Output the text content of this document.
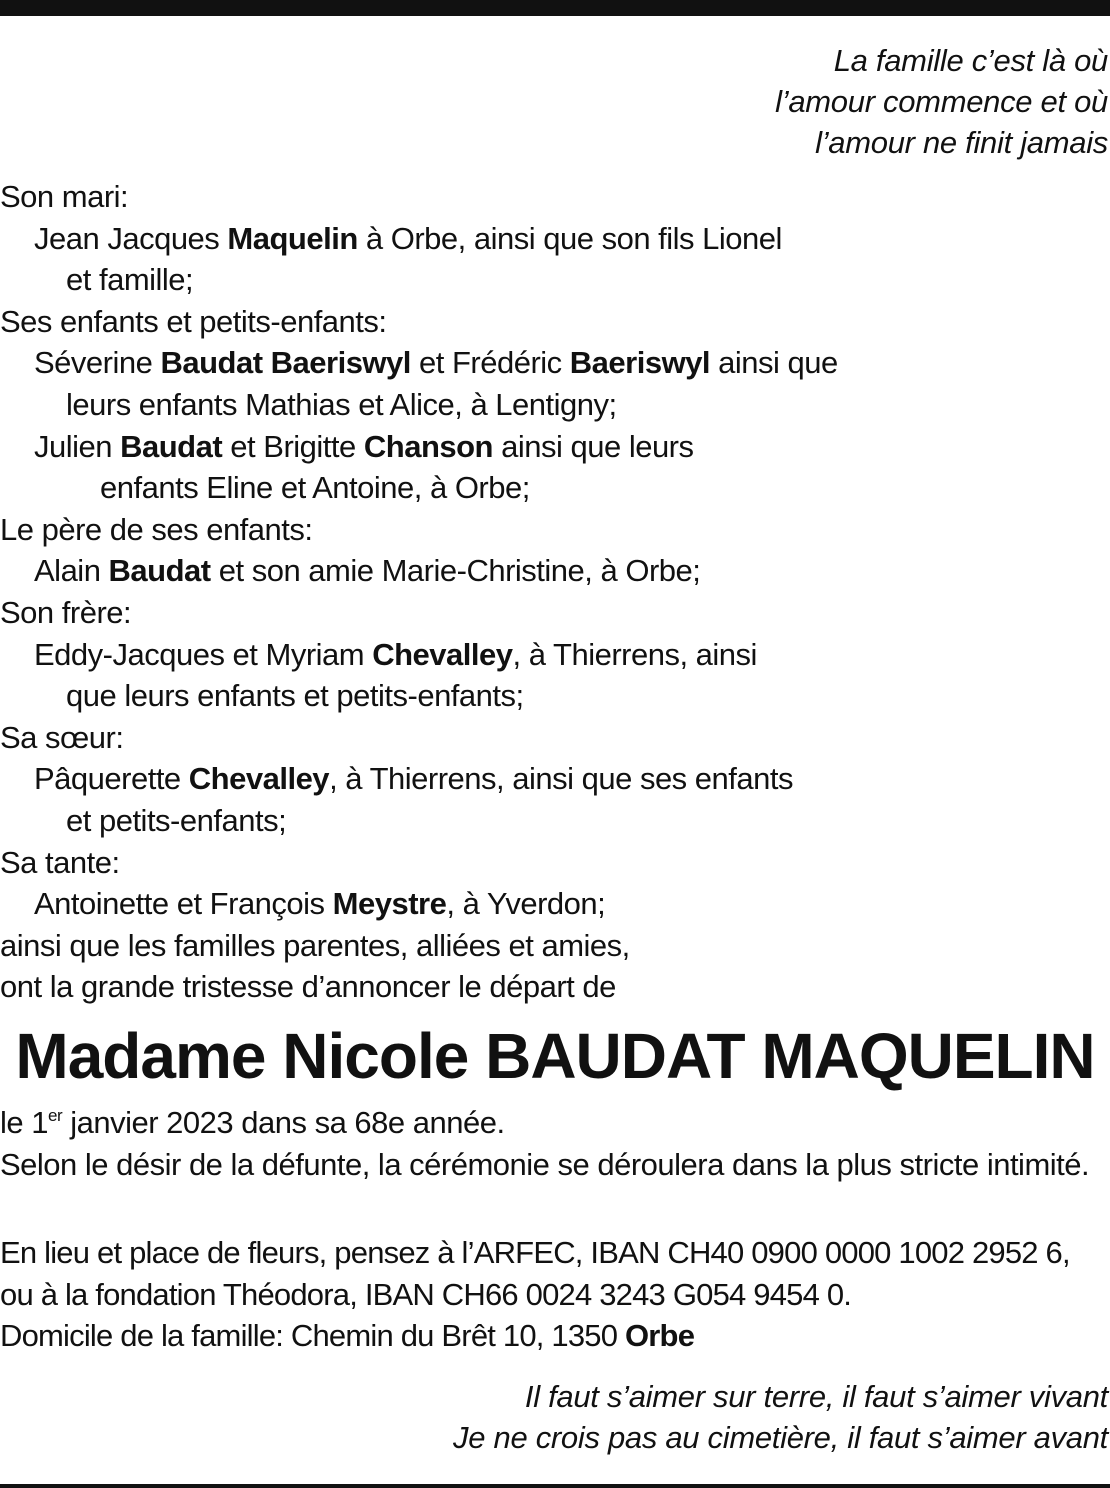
La famille c’est là où
l’amour commence et où
l’amour ne finit jamais
Son mari:
Jean Jacques Maquelin à Orbe, ainsi que son fils Lionel
et famille;
Ses enfants et petits-enfants:
Séverine Baudat Baeriswyl et Frédéric Baeriswyl ainsi que
leurs enfants Mathias et Alice, à Lentigny;
Julien Baudat et Brigitte Chanson ainsi que leurs
enfants Eline et Antoine, à Orbe;
Le père de ses enfants:
Alain Baudat et son amie Marie-Christine, à Orbe;
Son frère:
Eddy-Jacques et Myriam Chevalley, à Thierrens, ainsi
que leurs enfants et petits-enfants;
Sa sœur:
Pâquerette Chevalley, à Thierrens, ainsi que ses enfants
et petits-enfants;
Sa tante:
Antoinette et François Meystre, à Yverdon;
ainsi que les familles parentes, alliées et amies,
ont la grande tristesse d’annoncer le départ de
Madame Nicole BAUDAT MAQUELIN
le 1er janvier 2023 dans sa 68e année.
Selon le désir de la défunte, la cérémonie se déroulera dans la plus stricte intimité.
En lieu et place de fleurs, pensez à l’ARFEC, IBAN CH40 0900 0000 1002 2952 6,
ou à la fondation Théodora, IBAN CH66 0024 3243 G054 9454 0.
Domicile de la famille: Chemin du Brêt 10, 1350 Orbe
Il faut s’aimer sur terre, il faut s’aimer vivant
Je ne crois pas au cimetière, il faut s’aimer avant
